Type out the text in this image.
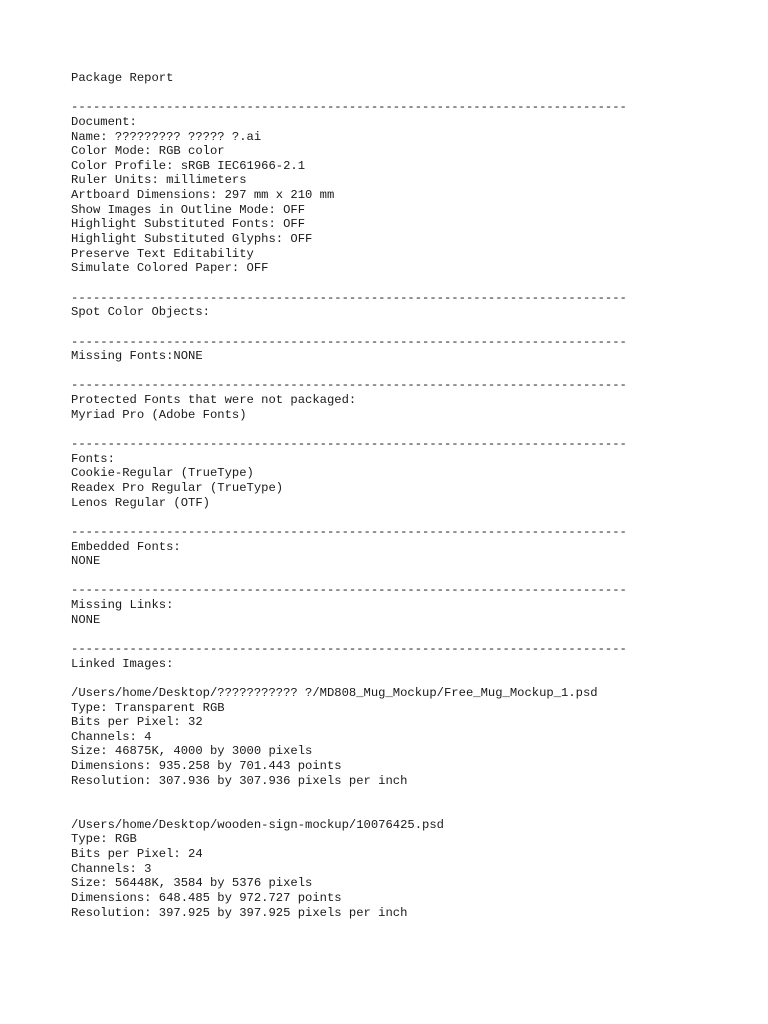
Package Report
----------------------------------------------------------------------------
Document:
Name: ????????? ????? ?.ai
Color Mode: RGB color
Color Profile: sRGB IEC61966-2.1
Ruler Units: millimeters
Artboard Dimensions: 297 mm x 210 mm
Show Images in Outline Mode: OFF
Highlight Substituted Fonts: OFF
Highlight Substituted Glyphs: OFF
Preserve Text Editability
Simulate Colored Paper: OFF
----------------------------------------------------------------------------
Spot Color Objects:
----------------------------------------------------------------------------
Missing Fonts:NONE
----------------------------------------------------------------------------
Protected Fonts that were not packaged:
Myriad Pro (Adobe Fonts)
----------------------------------------------------------------------------
Fonts:
Cookie-Regular (TrueType)
Readex Pro Regular (TrueType)
Lenos Regular (OTF)
----------------------------------------------------------------------------
Embedded Fonts:
NONE
----------------------------------------------------------------------------
Missing Links:
NONE
----------------------------------------------------------------------------
Linked Images:
/Users/home/Desktop/??????????? ?/MD808_Mug_Mockup/Free_Mug_Mockup_1.psd
Type: Transparent RGB
Bits per Pixel: 32
Channels: 4
Size: 46875K, 4000 by 3000 pixels
Dimensions: 935.258 by 701.443 points
Resolution: 307.936 by 307.936 pixels per inch
/Users/home/Desktop/wooden-sign-mockup/10076425.psd
Type: RGB
Bits per Pixel: 24
Channels: 3
Size: 56448K, 3584 by 5376 pixels
Dimensions: 648.485 by 972.727 points
Resolution: 397.925 by 397.925 pixels per inch
